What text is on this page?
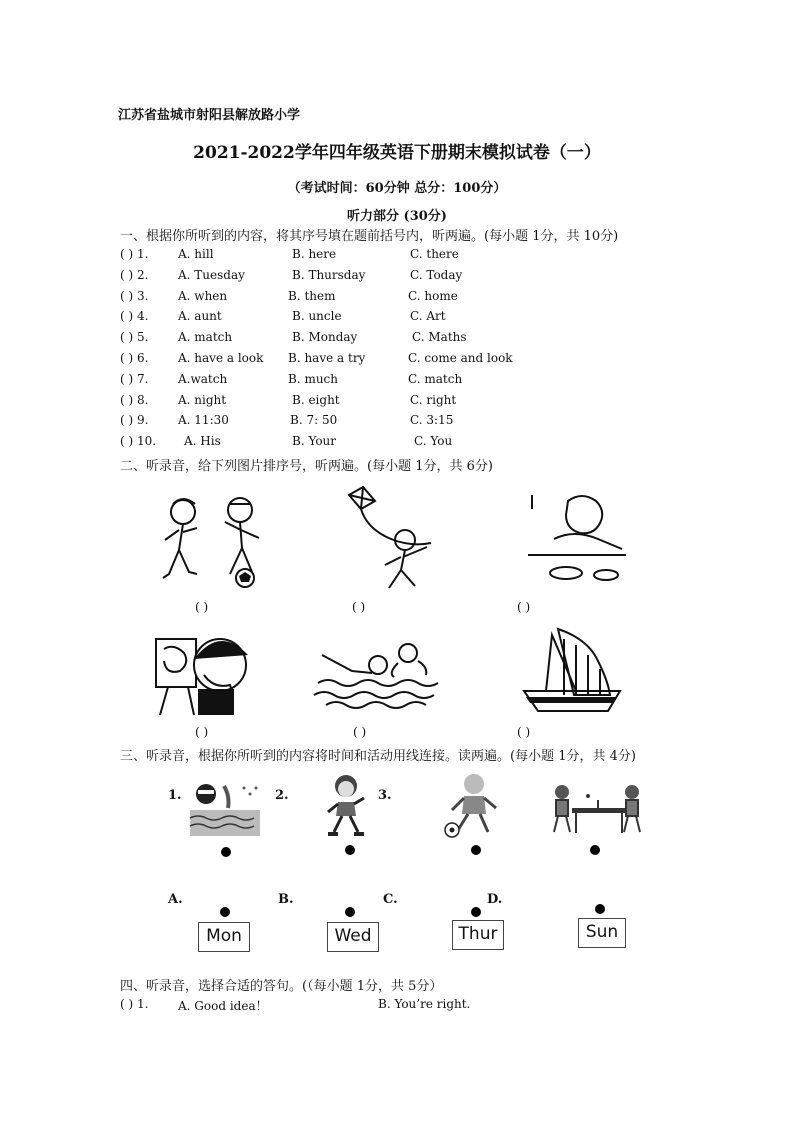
江苏省盐城市射阳县解放路小学
2021-2022学年四年级英语下册期末模拟试卷（一）
（考试时间：60分钟 总分：100分）
听力部分 (30分)
一、根据你所听到的内容，将其序号填在题前括号内，听两遍。(每小题 1分，共 10分)
( ) 1. A. hill	B. here	C. there
( ) 2. A. Tuesday	B. Thursday	C. Today
( ) 3. A. when	B. them	C. home
( ) 4. A. aunt	B. uncle	C. Art
( ) 5. A. match	B. Monday	C. Maths
( ) 6. A. have a look B. have a try	C. come and look
( ) 7. A.watch	B. much	C. match
( ) 8. A. night	B. eight	C. right
( ) 9. A. 11:30	B. 7: 50	C. 3:15
( ) 10. A. His	B. Your	C. You
二、听录音，给下列图片排序号，听两遍。(每小题 1分，共 6分)
( )	( )	( )
( )	( )	( )
三、听录音，根据你所听到的内容将时间和活动用线连接。读两遍。(每小题 1分，共 4分)
1.	2.	3.
A.	B.	C.	D.
Mon	Wed	Thur	Sun
四、听录音，选择合适的答句。(（每小题 1分，共 5分）
( ) 1. A. Good idea！	B. You’re right.
